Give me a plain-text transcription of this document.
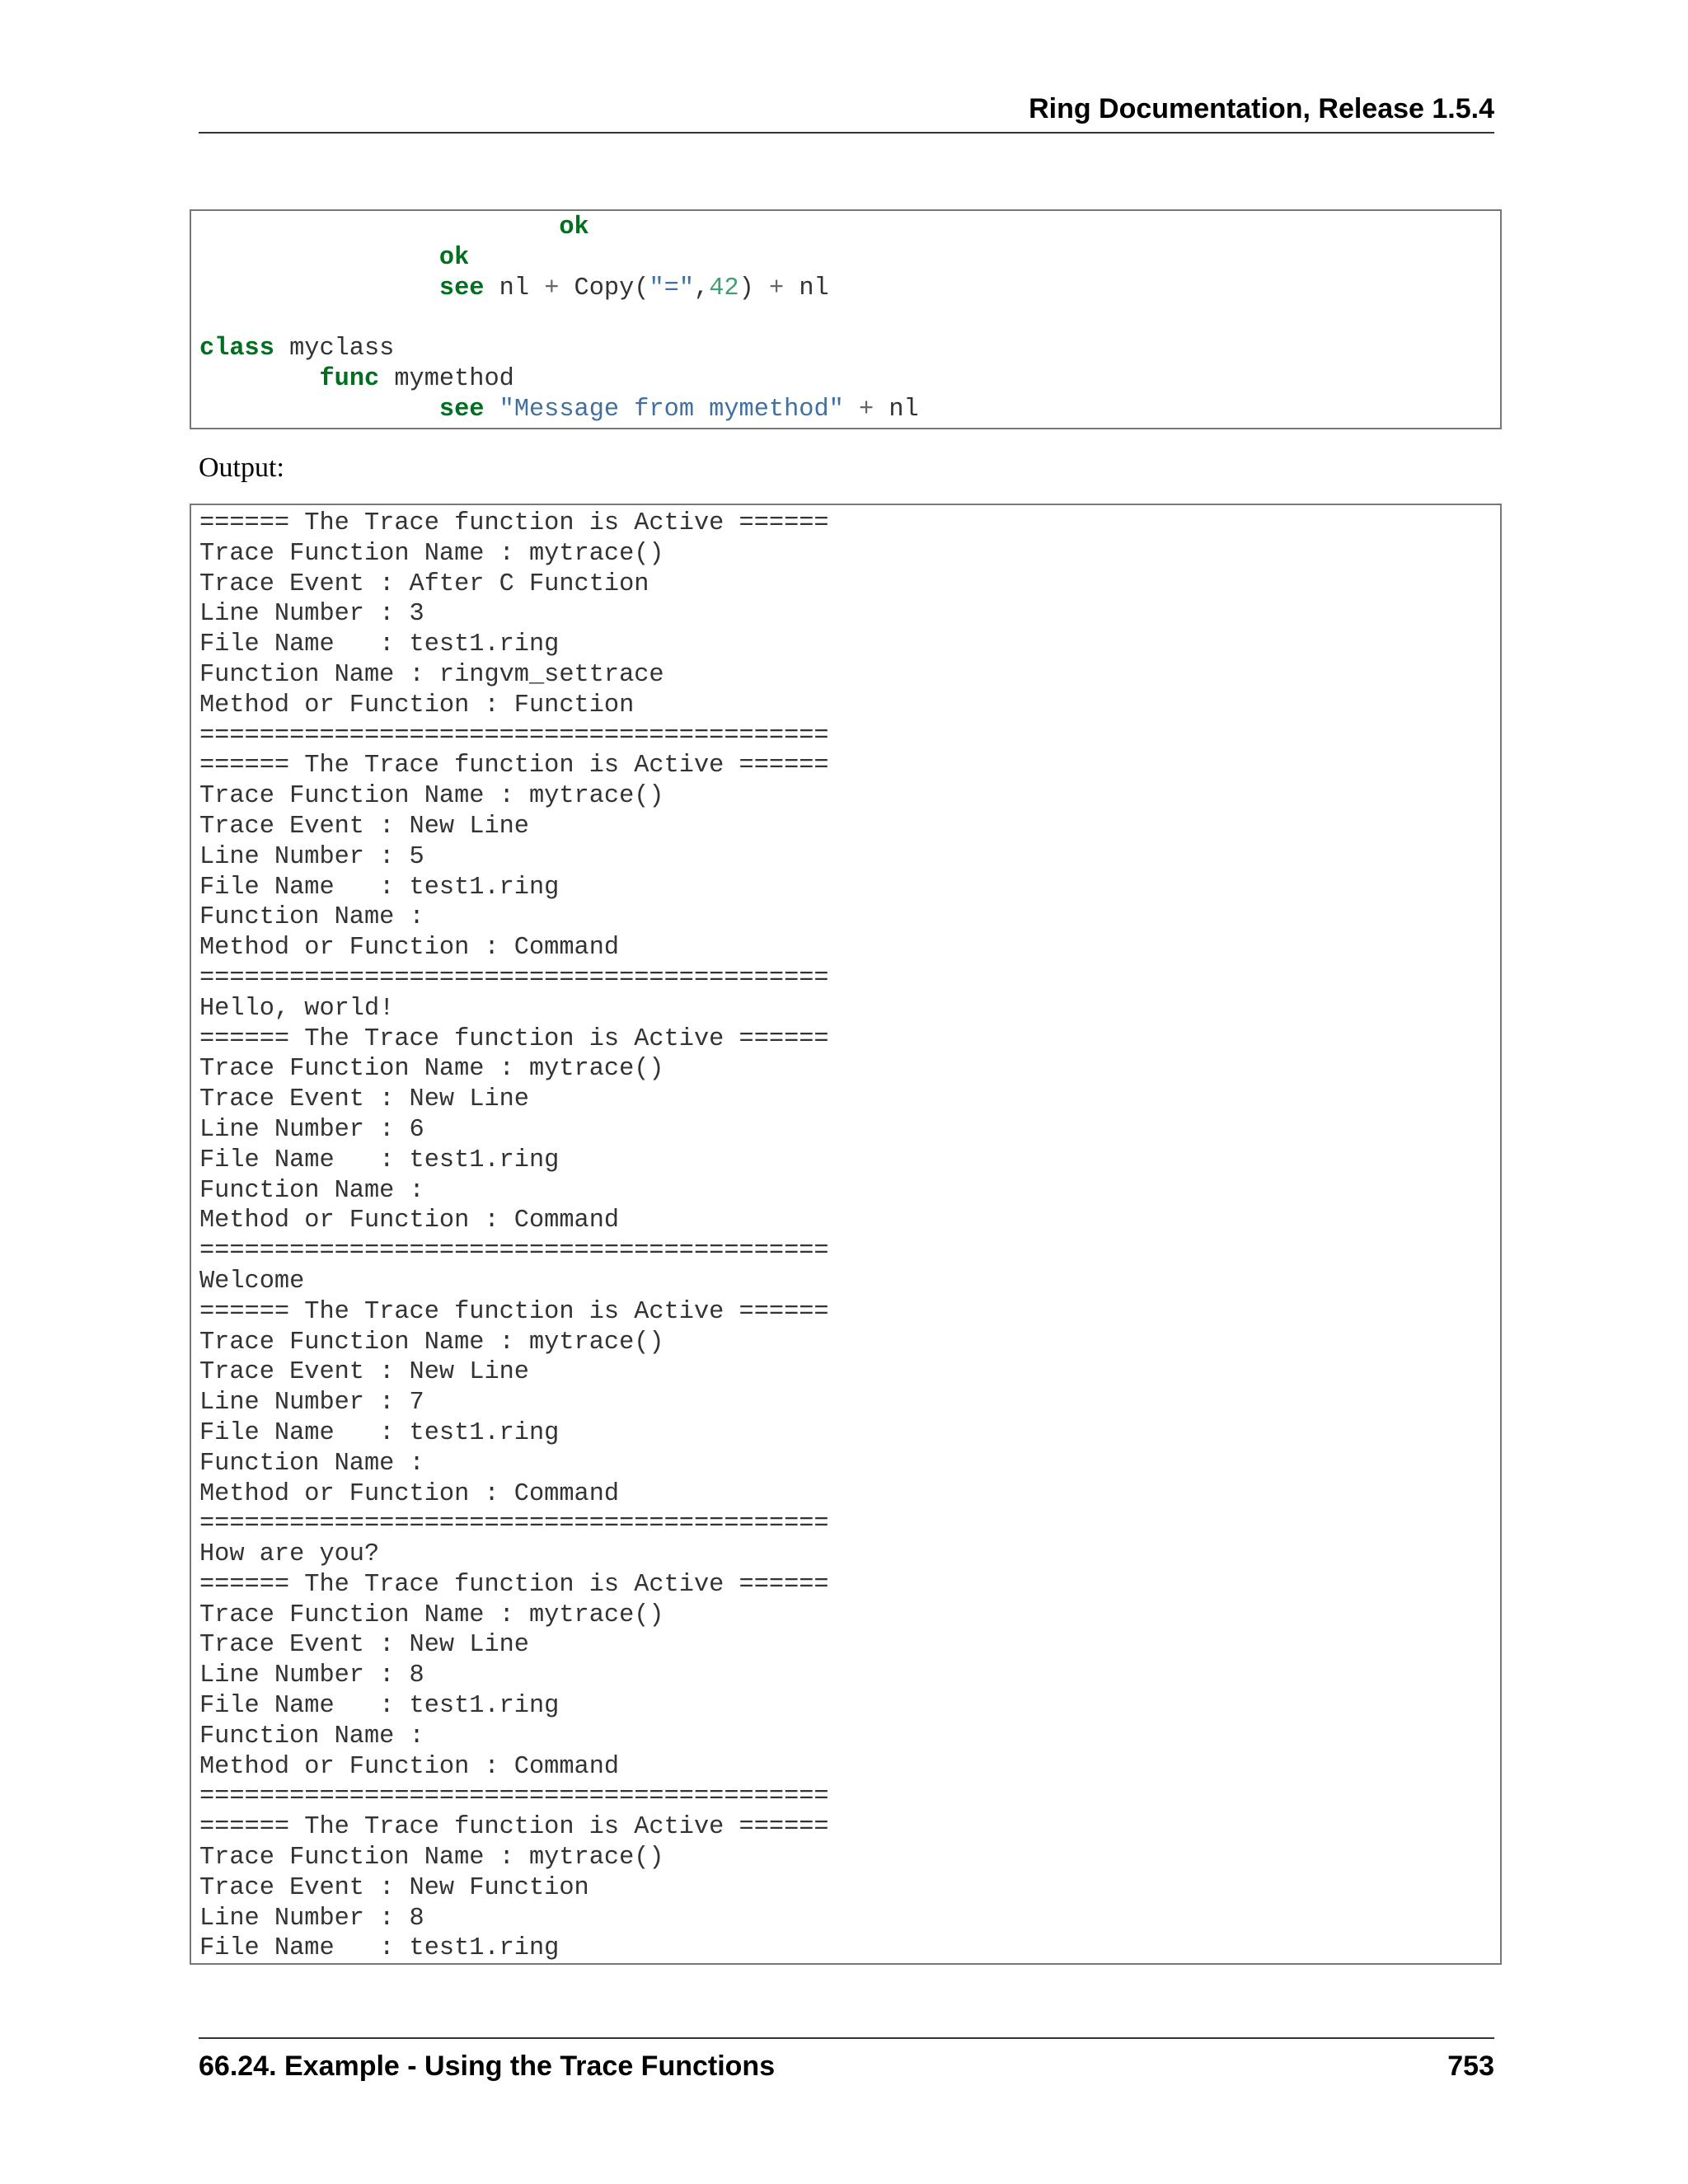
Ring Documentation, Release 1.5.4
ok
ok
see nl + Copy("=",42) + nl

class myclass
func mymethod
see "Message from mymethod" + nl
Output:
====== The Trace function is Active ======
Trace Function Name : mytrace()
Trace Event : After C Function
Line Number : 3
File Name   : test1.ring
Function Name : ringvm_settrace
Method or Function : Function
==========================================
====== The Trace function is Active ======
Trace Function Name : mytrace()
Trace Event : New Line
Line Number : 5
File Name   : test1.ring
Function Name :
Method or Function : Command
==========================================
Hello, world!
====== The Trace function is Active ======
Trace Function Name : mytrace()
Trace Event : New Line
Line Number : 6
File Name   : test1.ring
Function Name :
Method or Function : Command
==========================================
Welcome
====== The Trace function is Active ======
Trace Function Name : mytrace()
Trace Event : New Line
Line Number : 7
File Name   : test1.ring
Function Name :
Method or Function : Command
==========================================
How are you?
====== The Trace function is Active ======
Trace Function Name : mytrace()
Trace Event : New Line
Line Number : 8
File Name   : test1.ring
Function Name :
Method or Function : Command
==========================================
====== The Trace function is Active ======
Trace Function Name : mytrace()
Trace Event : New Function
Line Number : 8
File Name   : test1.ring
66.24. Example - Using the Trace Functions	753
